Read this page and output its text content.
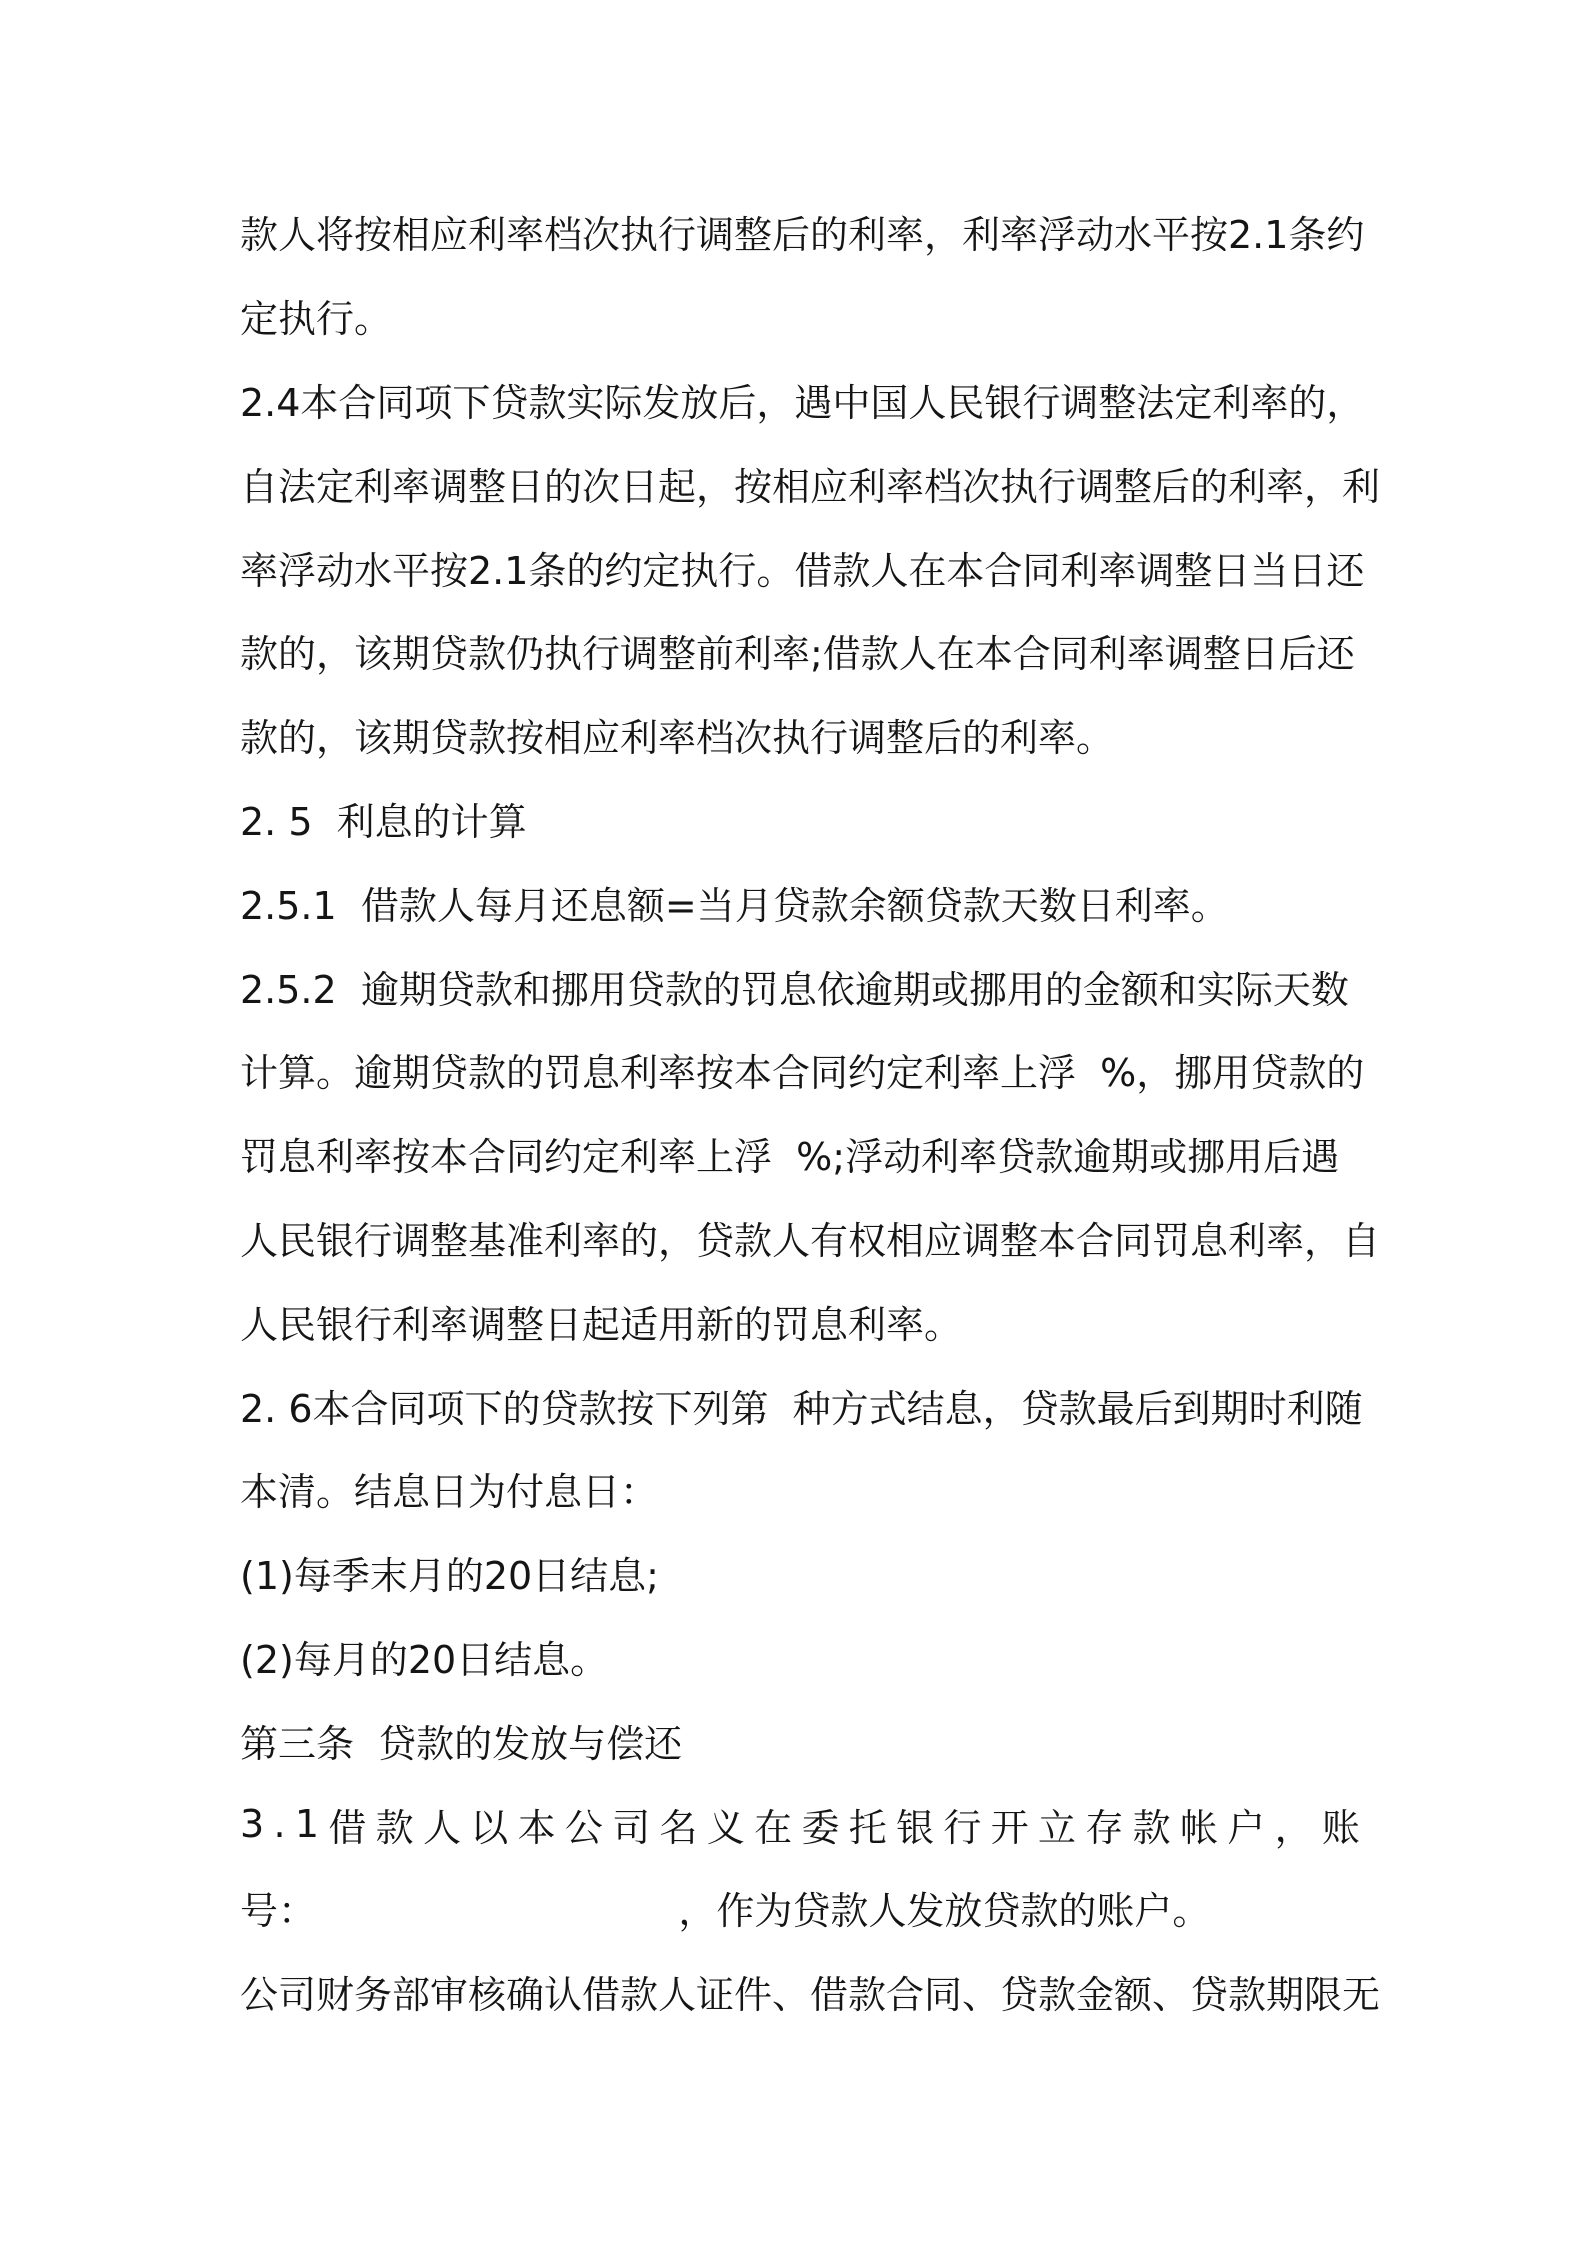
款人将按相应利率档次执行调整后的利率，利率浮动水平按2.1条约
定执行。
2.4本合同项下贷款实际发放后，遇中国人民银行调整法定利率的，
自法定利率调整日的次日起，按相应利率档次执行调整后的利率，利
率浮动水平按2.1条的约定执行。借款人在本合同利率调整日当日还
款的，该期贷款仍执行调整前利率;借款人在本合同利率调整日后还
款的，该期贷款按相应利率档次执行调整后的利率。
2. 5  利息的计算
2.5.1  借款人每月还息额=当月贷款余额贷款天数日利率。
2.5.2  逾期贷款和挪用贷款的罚息依逾期或挪用的金额和实际天数
计算。逾期贷款的罚息利率按本合同约定利率上浮  %，挪用贷款的
罚息利率按本合同约定利率上浮  %;浮动利率贷款逾期或挪用后遇
人民银行调整基准利率的，贷款人有权相应调整本合同罚息利率，自
人民银行利率调整日起适用新的罚息利率。
2. 6本合同项下的贷款按下列第  种方式结息，贷款最后到期时利随
本清。结息日为付息日：
(1)每季末月的20日结息;
(2)每月的20日结息。
第三条  贷款的发放与偿还
3 . 1 借 款 人 以 本 公 司 名 义 在 委 托 银 行 开 立 存 款 帐 户 ， 账
号：                              ，作为贷款人发放贷款的账户。
公司财务部审核确认借款人证件、借款合同、贷款金额、贷款期限无
